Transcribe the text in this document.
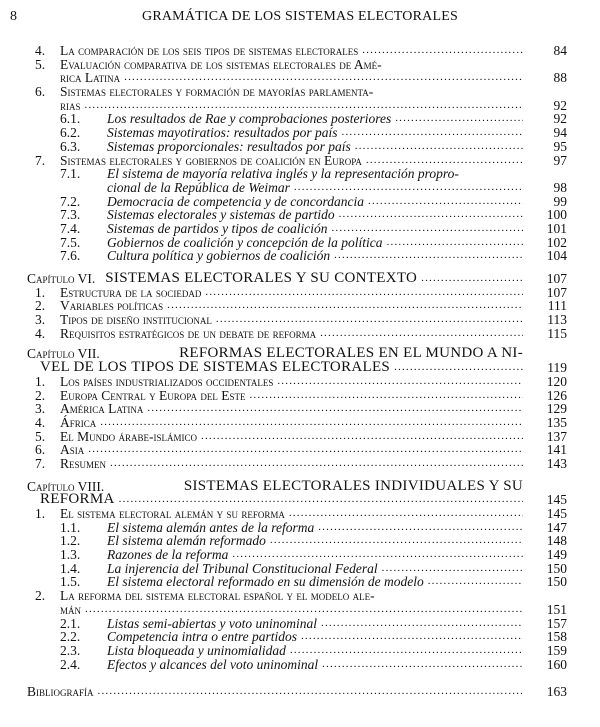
8	GRAMÁTICA DE LOS SISTEMAS ELECTORALES
4. La comparación de los seis tipos de sistemas electorales .....	84
5. Evaluación comparativa de los sistemas electorales de Amé-
rica Latina .....	88
6. Sistemas electorales y formación de mayorías parlamenta-
rias .....	92
6.1. Los resultados de Rae y comprobaciones posteriores .....	92
6.2. Sistemas mayotiratios: resultados por país .....	94
6.3. Sistemas proporcionales: resultados por país .....	95
7. Sistemas electorales y gobiernos de coalición en Europa .....	97
7.1. El sistema de mayoría relativa inglés y la representación propro-
cional de la República de Weimar .....	98
7.2. Democracia de competencia y de concordancia .....	99
7.3. Sistemas electorales y sistemas de partido .....	100
7.4. Sistemas de partidos y tipos de coalición .....	101
7.5. Gobiernos de coalición y concepción de la política .....	102
7.6. Cultura política y gobiernos de coalición .....	104
Capítulo VI. SISTEMAS ELECTORALES Y SU CONTEXTO .....	107
1. Estructura de la sociedad .....	107
2. Variables políticas .....	111
3. Tipos de diseño institucional .....	113
4. Requisitos estratégicos de un debate de reforma .....	115
Capítulo VII.	REFORMAS ELECTORALES EN EL MUNDO A NI-
VEL DE LOS TIPOS DE SISTEMAS ELECTORALES .....	119
1. Los países industrializados occidentales .....	120
2. Europa Central y Europa del Este .....	126
3. América Latina .....	129
4. África .....	135
5. El Mundo árabe-islámico .....	137
6. Asia .....	141
7. Resumen .....	143
Capítulo VIII.	SISTEMAS ELECTORALES INDIVIDUALES Y SU
REFORMA .....	145
1. El sistema electoral alemán y su reforma .....	145
1.1. El sistema alemán antes de la reforma .....	147
1.2. El sistema alemán reformado .....	148
1.3. Razones de la reforma .....	149
1.4. La injerencia del Tribunal Constitucional Federal .....	150
1.5. El sistema electoral reformado en su dimensión de modelo .....	150
2. La reforma del sistema electoral español y el modelo ale-
mán .....	151
2.1. Listas semi-abiertas y voto uninominal .....	157
2.2. Competencia intra o entre partidos .....	158
2.3. Lista bloqueada y uninomialidad .....	159
2.4. Efectos y alcances del voto uninominal .....	160
Bibliografía .....	163
